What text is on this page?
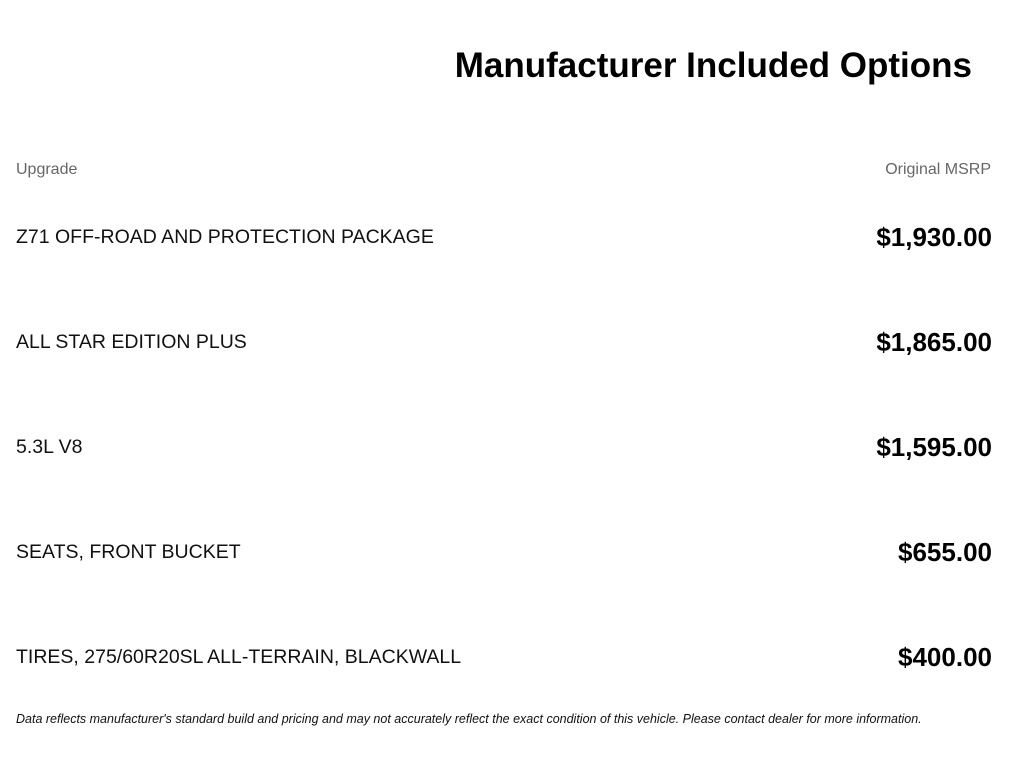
Manufacturer Included Options
Upgrade	Original MSRP
Z71 OFF-ROAD AND PROTECTION PACKAGE	$1,930.00
ALL STAR EDITION PLUS	$1,865.00
5.3L V8	$1,595.00
SEATS, FRONT BUCKET	$655.00
TIRES, 275/60R20SL ALL-TERRAIN, BLACKWALL	$400.00
Data reflects manufacturer's standard build and pricing and may not accurately reflect the exact condition of this vehicle. Please contact dealer for more information.
